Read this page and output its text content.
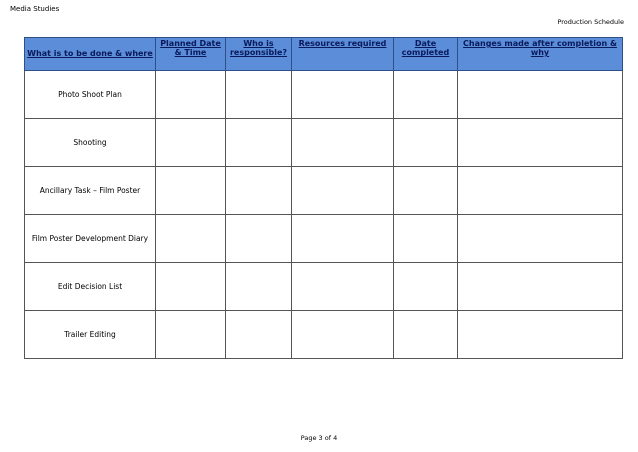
Media Studies
Production Schedule
What is to be done & where	Planned Date & Time	Who is responsible?	Resources required	Date completed	Changes made after completion & why
Photo Shoot Plan					
Shooting					
Ancillary Task – Film Poster					
Film Poster Development Diary					
Edit Decision List					
Trailer Editing					
Page 3 of 4
